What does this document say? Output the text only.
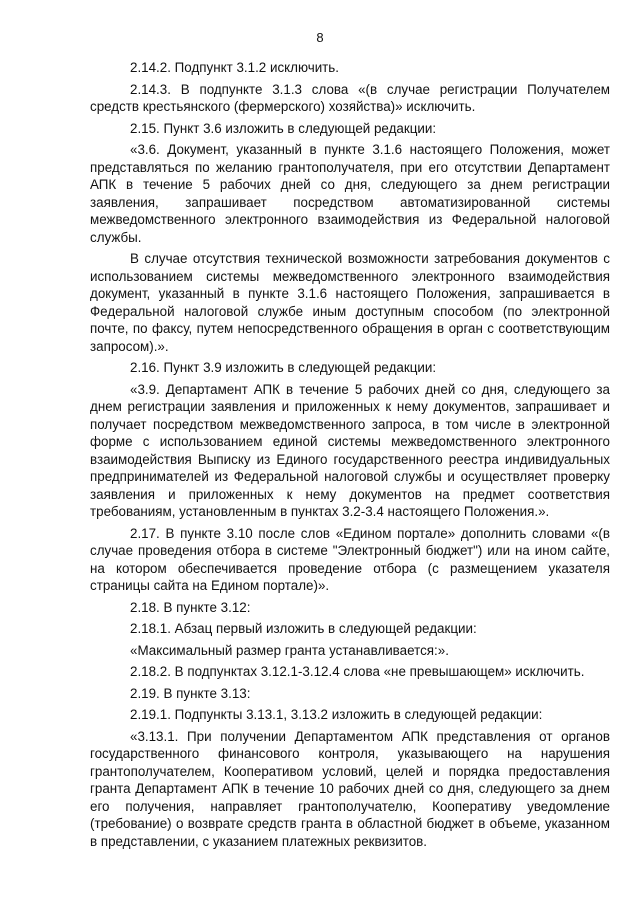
8

2.14.2. Подпункт 3.1.2 исключить.

2.14.3. В подпункте 3.1.3 слова «(в случае регистрации Получателем средств крестьянского (фермерского) хозяйства)» исключить.

2.15. Пункт 3.6 изложить в следующей редакции:

«3.6. Документ, указанный в пункте 3.1.6 настоящего Положения, может представляться по желанию грантополучателя, при его отсутствии Департамент АПК в течение 5 рабочих дней со дня, следующего за днем регистрации заявления, запрашивает посредством автоматизированной системы межведомственного электронного взаимодействия из Федеральной налоговой службы.

В случае отсутствия технической возможности затребования документов с использованием системы межведомственного электронного взаимодействия документ, указанный в пункте 3.1.6 настоящего Положения, запрашивается в Федеральной налоговой службе иным доступным способом (по электронной почте, по факсу, путем непосредственного обращения в орган с соответствующим запросом).».

2.16. Пункт 3.9 изложить в следующей редакции:

«3.9. Департамент АПК в течение 5 рабочих дней со дня, следующего за днем регистрации заявления и приложенных к нему документов, запрашивает и получает посредством межведомственного запроса, в том числе в электронной форме с использованием единой системы межведомственного электронного взаимодействия Выписку из Единого государственного реестра индивидуальных предпринимателей из Федеральной налоговой службы и осуществляет проверку заявления и приложенных к нему документов на предмет соответствия требованиям, установленным в пунктах 3.2-3.4 настоящего Положения.».

2.17. В пункте 3.10 после слов «Едином портале» дополнить словами «(в случае проведения отбора в системе "Электронный бюджет") или на ином сайте, на котором обеспечивается проведение отбора (с размещением указателя страницы сайта на Едином портале)».

2.18. В пункте 3.12:

2.18.1. Абзац первый изложить в следующей редакции:

«Максимальный размер гранта устанавливается:».

2.18.2. В подпунктах 3.12.1-3.12.4 слова «не превышающем» исключить.

2.19. В пункте 3.13:

2.19.1. Подпункты 3.13.1, 3.13.2 изложить в следующей редакции:

«3.13.1. При получении Департаментом АПК представления от органов государственного финансового контроля, указывающего на нарушения грантополучателем, Кооперативом условий, целей и порядка предоставления гранта Департамент АПК в течение 10 рабочих дней со дня, следующего за днем его получения, направляет грантополучателю, Кооперативу уведомление (требование) о возврате средств гранта в областной бюджет в объеме, указанном в представлении, с указанием платежных реквизитов.
